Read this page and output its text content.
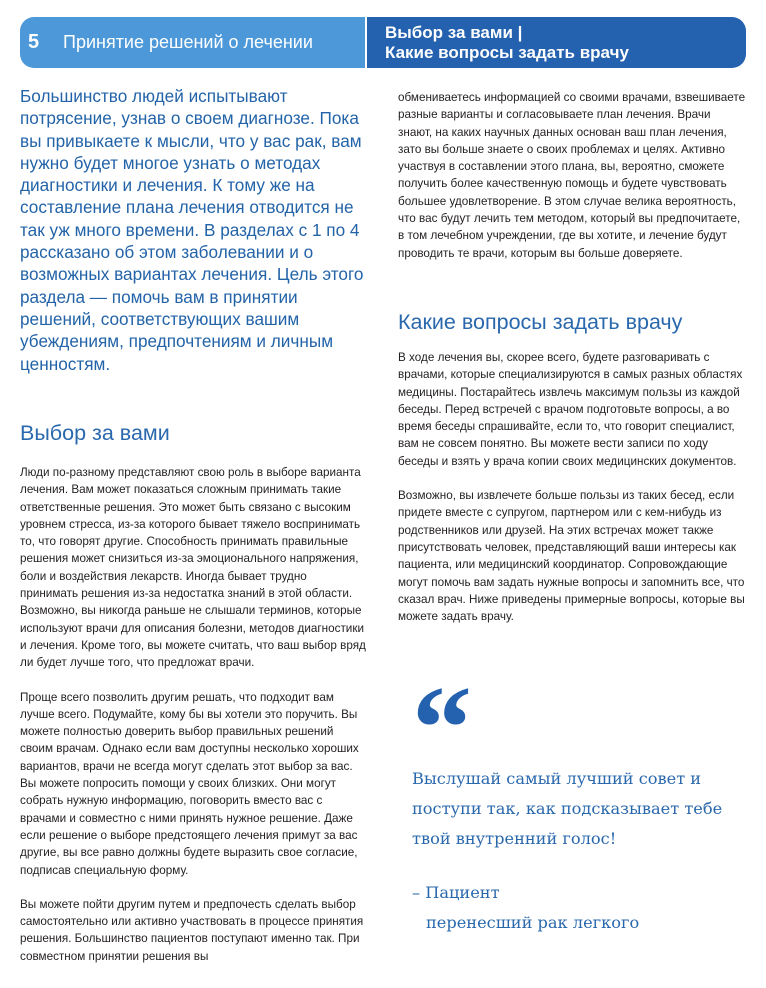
5	Принятие решений о лечении	Выбор за вами |
Какие вопросы задать врачу
Большинство людей испытывают потрясение, узнав о своем диагнозе. Пока вы привыкаете к мысли, что у вас рак, вам нужно будет многое узнать о методах диагностики и лечения. К тому же на составление плана лечения отводится не так уж много времени. В разделах с 1 по 4 рассказано об этом заболевании и о возможных вариантах лечения. Цель этого раздела — помочь вам в принятии решений, соответствующих вашим убеждениям, предпочтениям и личным ценностям.
Выбор за вами

Люди по-разному представляют свою роль в выборе варианта лечения. Вам может показаться сложным принимать такие ответственные решения. Это может быть связано с высоким уровнем стресса, из-за которого бывает тяжело воспринимать то, что говорят другие. Способность принимать правильные решения может снизиться из-за эмоционального напряжения, боли и воздействия лекарств. Иногда бывает трудно принимать решения из-за недостатка знаний в этой области. Возможно, вы никогда раньше не слышали терминов, которые используют врачи для описания болезни, методов диагностики и лечения. Кроме того, вы можете считать, что ваш выбор вряд ли будет лучше того, что предложат врачи.

Проще всего позволить другим решать, что подходит вам лучше всего. Подумайте, кому бы вы хотели это поручить. Вы можете полностью доверить выбор правильных решений своим врачам. Однако если вам доступны несколько хороших вариантов, врачи не всегда могут сделать этот выбор за вас. Вы можете попросить помощи у своих близких. Они могут собрать нужную информацию, поговорить вместо вас с врачами и совместно с ними принять нужное решение. Даже если решение о выборе предстоящего лечения примут за вас другие, вы все равно должны будете выразить свое согласие, подписав специальную форму.

Вы можете пойти другим путем и предпочесть сделать выбор самостоятельно или активно участвовать в процессе принятия решения. Большинство пациентов поступают именно так. При совместном принятии решения вы

обмениваетесь информацией со своими врачами, взвешиваете разные варианты и согласовываете план лечения. Врачи знают, на каких научных данных основан ваш план лечения, зато вы больше знаете о своих проблемах и целях. Активно участвуя в составлении этого плана, вы, вероятно, сможете получить более качественную помощь и будете чувствовать большее удовлетворение. В этом случае велика вероятность, что вас будут лечить тем методом, который вы предпочитаете, в том лечебном учреждении, где вы хотите, и лечение будут проводить те врачи, которым вы больше доверяете.

Какие вопросы задать врачу

В ходе лечения вы, скорее всего, будете разговаривать с врачами, которые специализируются в самых разных областях медицины. Постарайтесь извлечь максимум пользы из каждой беседы. Перед встречей с врачом подготовьте вопросы, а во время беседы спрашивайте, если то, что говорит специалист, вам не совсем понятно. Вы можете вести записи по ходу беседы и взять у врача копии своих медицинских документов.

Возможно, вы извлечете больше пользы из таких бесед, если придете вместе с супругом, партнером или с кем-нибудь из родственников или друзей. На этих встречах может также присутствовать человек, представляющий ваши интересы как пациента, или медицинский координатор. Сопровождающие могут помочь вам задать нужные вопросы и запомнить все, что сказал врач. Ниже приведены примерные вопросы, которые вы можете задать врачу.

“
Выслушай самый лучший совет и поступи так, как подсказывает тебе твой внутренний голос!
– Пациент
перенесший рак легкого
